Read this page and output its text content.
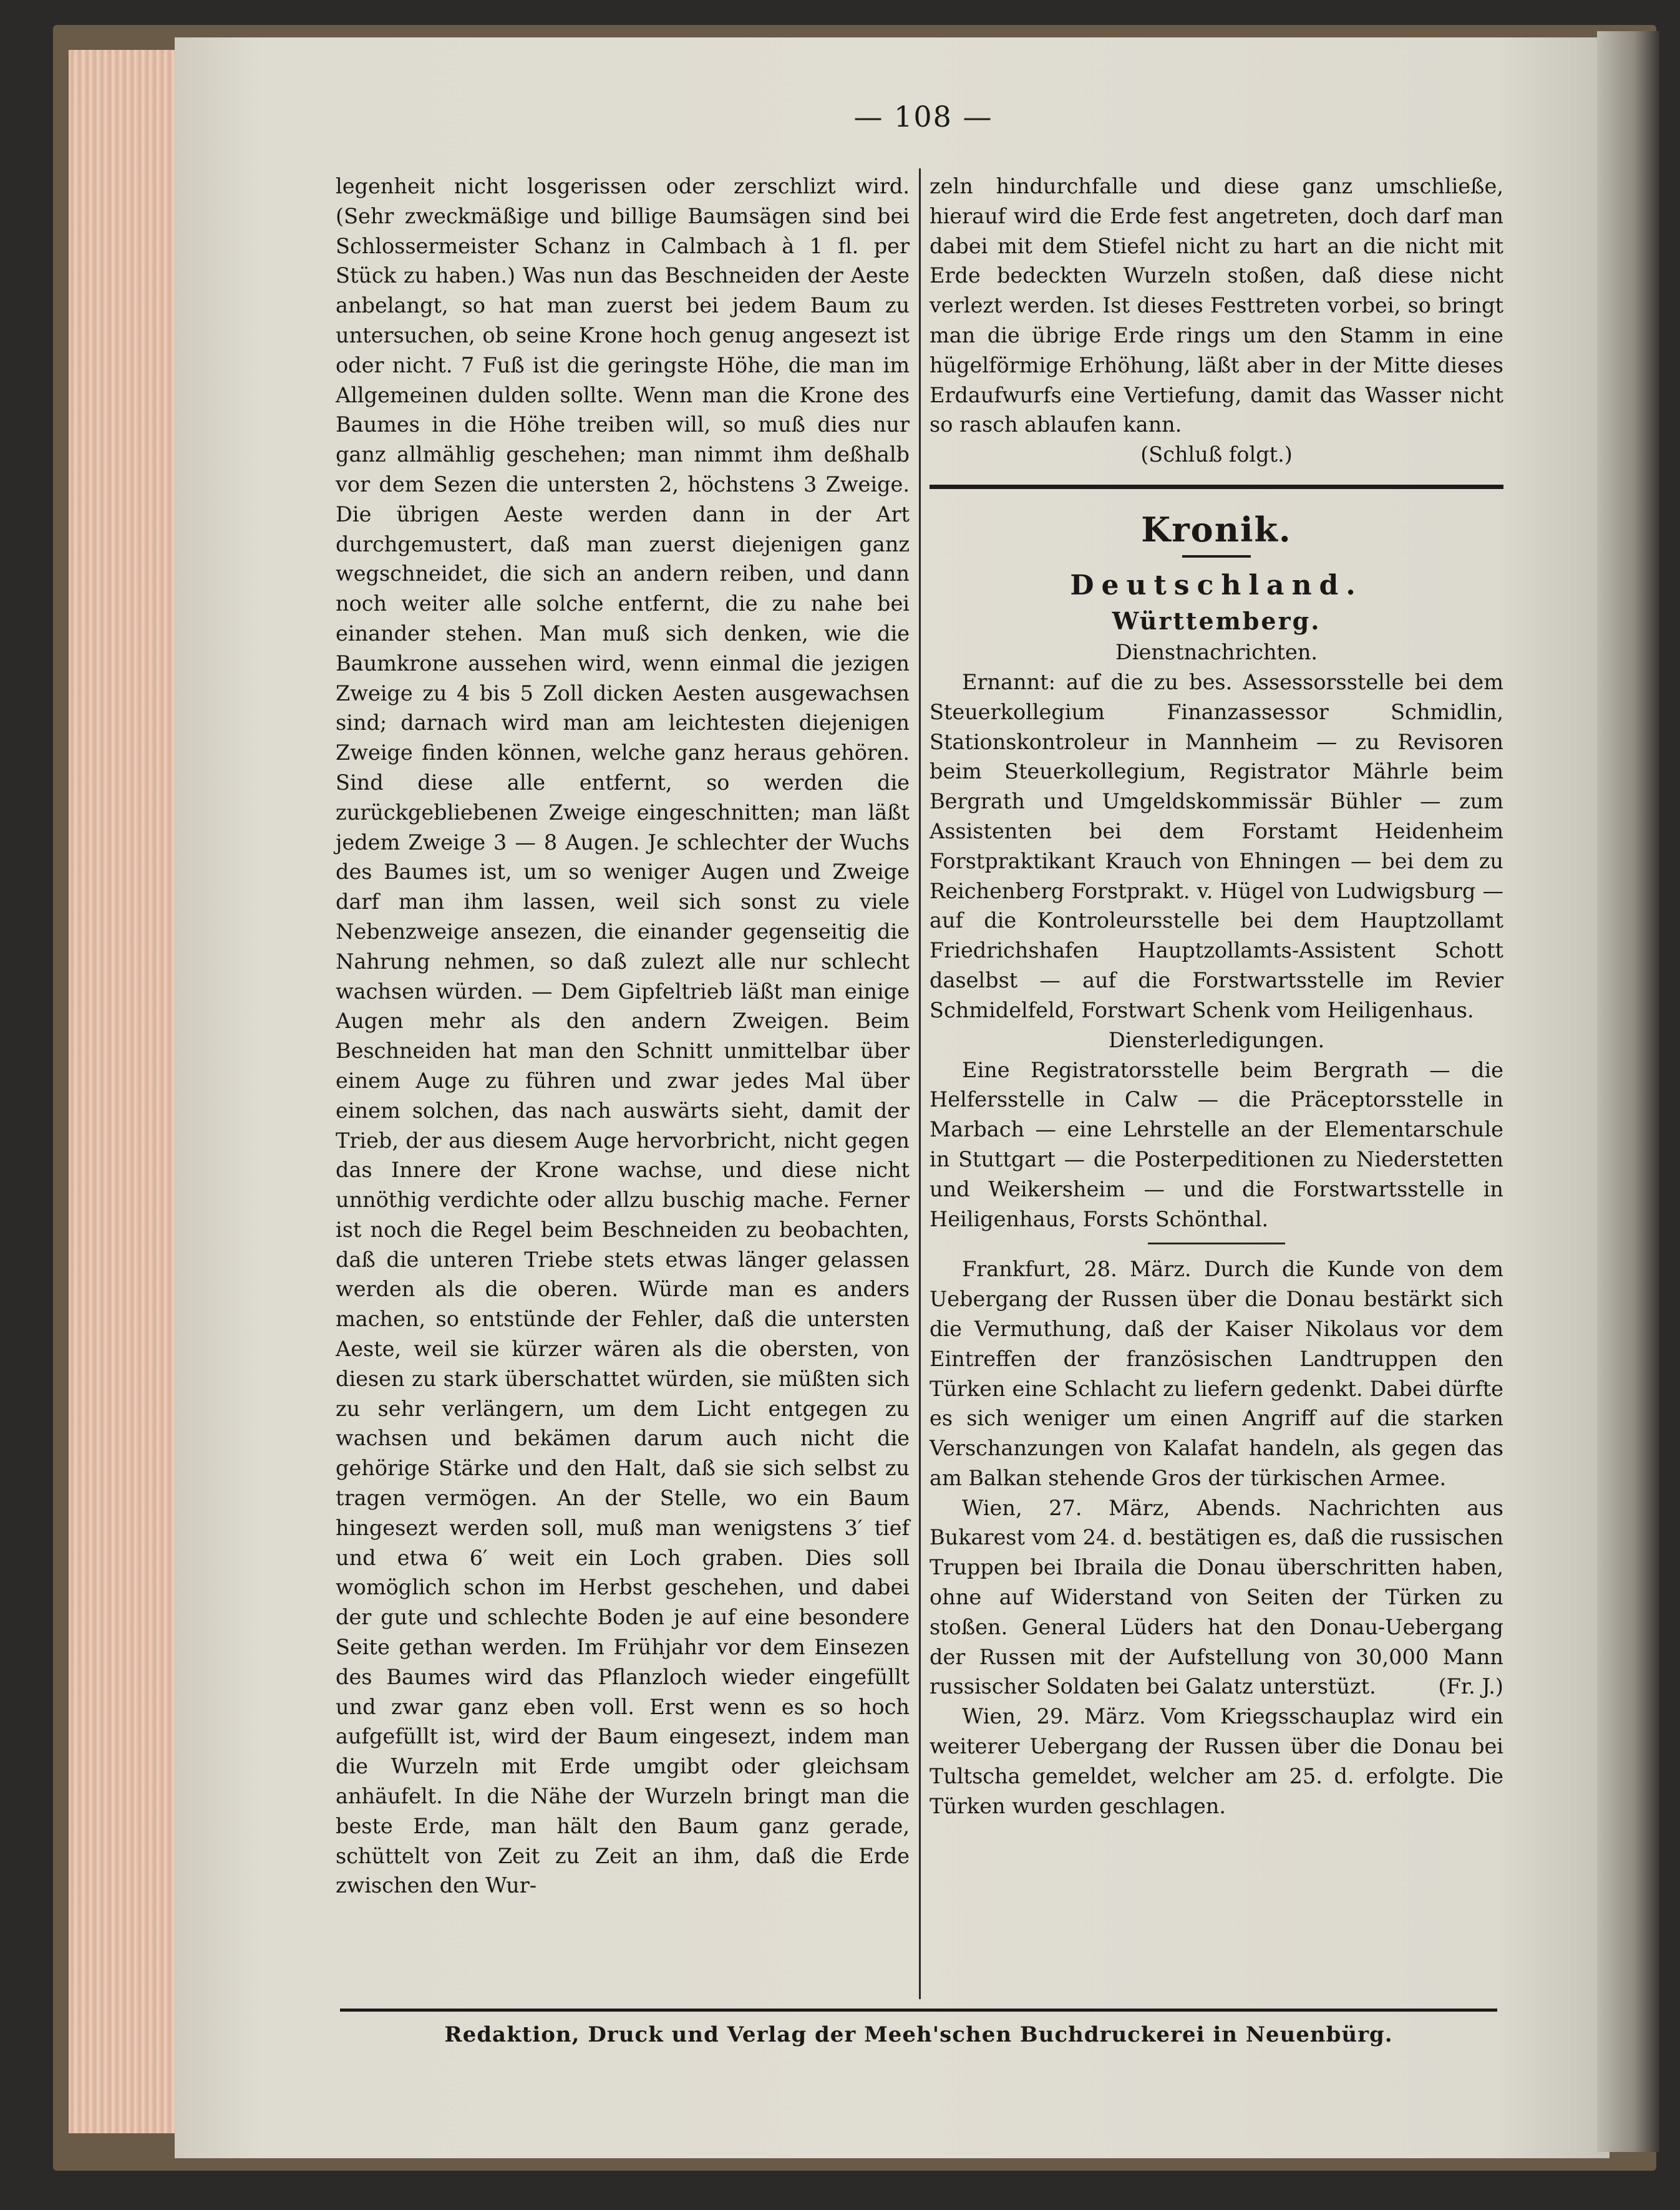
— 108 —

legenheit nicht losgerissen oder zerschlizt wird. (Sehr zweckmäßige und billige Baumsägen sind bei Schlossermeister Schanz in Calmbach à 1 fl. per Stück zu haben.) Was nun das Beschneiden der Aeste anbelangt, so hat man zuerst bei jedem Baum zu untersuchen, ob seine Krone hoch genug angesezt ist oder nicht. 7 Fuß ist die geringste Höhe, die man im Allgemeinen dulden sollte. Wenn man die Krone des Baumes in die Höhe treiben will, so muß dies nur ganz allmählig geschehen; man nimmt ihm deßhalb vor dem Sezen die untersten 2, höchstens 3 Zweige. Die übrigen Aeste werden dann in der Art durchgemustert, daß man zuerst diejenigen ganz wegschneidet, die sich an andern reiben, und dann noch weiter alle solche entfernt, die zu nahe bei einander stehen. Man muß sich denken, wie die Baumkrone aussehen wird, wenn einmal die jezigen Zweige zu 4 bis 5 Zoll dicken Aesten ausgewachsen sind; darnach wird man am leichtesten diejenigen Zweige finden können, welche ganz heraus gehören. Sind diese alle entfernt, so werden die zurückgebliebenen Zweige eingeschnitten; man läßt jedem Zweige 3 — 8 Augen. Je schlechter der Wuchs des Baumes ist, um so weniger Augen und Zweige darf man ihm lassen, weil sich sonst zu viele Nebenzweige ansezen, die einander gegenseitig die Nahrung nehmen, so daß zulezt alle nur schlecht wachsen würden. — Dem Gipfeltrieb läßt man einige Augen mehr als den andern Zweigen. Beim Beschneiden hat man den Schnitt unmittelbar über einem Auge zu führen und zwar jedes Mal über einem solchen, das nach auswärts sieht, damit der Trieb, der aus diesem Auge hervorbricht, nicht gegen das Innere der Krone wachse, und diese nicht unnöthig verdichte oder allzu buschig mache. Ferner ist noch die Regel beim Beschneiden zu beobachten, daß die unteren Triebe stets etwas länger gelassen werden als die oberen. Würde man es anders machen, so entstünde der Fehler, daß die untersten Aeste, weil sie kürzer wären als die obersten, von diesen zu stark überschattet würden, sie müßten sich zu sehr verlängern, um dem Licht entgegen zu wachsen und bekämen darum auch nicht die gehörige Stärke und den Halt, daß sie sich selbst zu tragen vermögen. An der Stelle, wo ein Baum hingesezt werden soll, muß man wenigstens 3′ tief und etwa 6′ weit ein Loch graben. Dies soll womöglich schon im Herbst geschehen, und dabei der gute und schlechte Boden je auf eine besondere Seite gethan werden. Im Frühjahr vor dem Einsezen des Baumes wird das Pflanzloch wieder eingefüllt und zwar ganz eben voll. Erst wenn es so hoch aufgefüllt ist, wird der Baum eingesezt, indem man die Wurzeln mit Erde umgibt oder gleichsam anhäufelt. In die Nähe der Wurzeln bringt man die beste Erde, man hält den Baum ganz gerade, schüttelt von Zeit zu Zeit an ihm, daß die Erde zwischen den Wur-

zeln hindurchfalle und diese ganz umschließe, hierauf wird die Erde fest angetreten, doch darf man dabei mit dem Stiefel nicht zu hart an die nicht mit Erde bedeckten Wurzeln stoßen, daß diese nicht verlezt werden. Ist dieses Festtreten vorbei, so bringt man die übrige Erde rings um den Stamm in eine hügelförmige Erhöhung, läßt aber in der Mitte dieses Erdaufwurfs eine Vertiefung, damit das Wasser nicht so rasch ablaufen kann.

(Schluß folgt.)

Kronik.
Deutschland.
Württemberg.
Dienstnachrichten.

Ernannt: auf die zu bes. Assessorsstelle bei dem Steuerkollegium Finanzassessor Schmidlin, Stationskontroleur in Mannheim — zu Revisoren beim Steuerkollegium, Registrator Mährle beim Bergrath und Umgeldskommissär Bühler — zum Assistenten bei dem Forstamt Heidenheim Forstpraktikant Krauch von Ehningen — bei dem zu Reichenberg Forstprakt. v. Hügel von Ludwigsburg — auf die Kontroleursstelle bei dem Hauptzollamt Friedrichshafen Hauptzollamts-Assistent Schott daselbst — auf die Forstwartsstelle im Revier Schmidelfeld, Forstwart Schenk vom Heiligenhaus.

Diensterledigungen.

Eine Registratorsstelle beim Bergrath — die Helfersstelle in Calw — die Präceptorsstelle in Marbach — eine Lehrstelle an der Elementarschule in Stuttgart — die Posterpeditionen zu Niederstetten und Weikersheim — und die Forstwartsstelle in Heiligenhaus, Forsts Schönthal.

Frankfurt, 28. März. Durch die Kunde von dem Uebergang der Russen über die Donau bestärkt sich die Vermuthung, daß der Kaiser Nikolaus vor dem Eintreffen der französischen Landtruppen den Türken eine Schlacht zu liefern gedenkt. Dabei dürfte es sich weniger um einen Angriff auf die starken Verschanzungen von Kalafat handeln, als gegen das am Balkan stehende Gros der türkischen Armee.

Wien, 27. März, Abends. Nachrichten aus Bukarest vom 24. d. bestätigen es, daß die russischen Truppen bei Ibraila die Donau überschritten haben, ohne auf Widerstand von Seiten der Türken zu stoßen. General Lüders hat den Donau-Uebergang der Russen mit der Aufstellung von 30,000 Mann russischer Soldaten bei Galatz unterstüzt.	(Fr. J.)

Wien, 29. März. Vom Kriegsschauplaz wird ein weiterer Uebergang der Russen über die Donau bei Tultscha gemeldet, welcher am 25. d. erfolgte. Die Türken wurden geschlagen.

Redaktion, Druck und Verlag der Meeh'schen Buchdruckerei in Neuenbürg.
